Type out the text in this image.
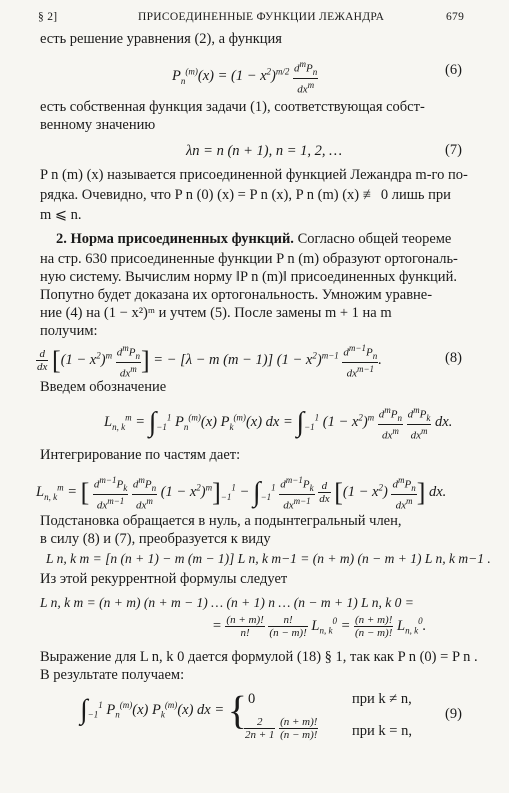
§ 2]	ПРИСОЕДИНЕННЫЕ ФУНКЦИИ ЛЕЖАНДРА	679
есть решение уравнения (2), а функция
$P_n^{(m)}(x) = (1 - x^2)^{m/2} \frac{d^mP_n}{dx^m}$	(6)
есть собственная функция задачи (1), соответствующая собст-
венному значению
λn = n (n + 1), n = 1, 2, …	(7)
P n (m) (x) называется присоединенной функцией Лежандра m-го по-
рядка. Очевидно, что P n (0) (x) = P n (x), P n (m) (x) ≢ 0 лишь при
m ⩽ n.
2. Норма присоединенных функций. Согласно общей теореме
на стр. 630 присоединенные функции P n (m) образуют ортогональ-
ную систему. Вычислим норму ‖P n (m)‖ присоединенных функций.
Попутно будет доказана их ортогональность. Умножим уравне-
ние (4) на (1 − x²)ᵐ и учтем (5). После замены m + 1 на m
получим:
$\frac{d}{dx} [(1 - x^2)^m \frac{d^mP_n}{dx^m}$ ] = − [λ − m (m − 1)] $(1 - x^2)^{m-1} \frac{d^{m-1}P_n}{dx^{m-1}}$ .	(8)
Введем обозначение
$L_{n, k}^m = \int_{-1}^1$ $P_n^{(m)}(x)$ $P_k^{(m)}(x)$ dx = $\int_{-1}^1$ $(1 - x^2)^m \frac{d^mP_n}{dx^m}$
$\frac{d^mP_k}{dx^m}$ dx.
Интегрирование по частям дает:
$L_{n, k}^m$ = [ $\frac{d^{m-1}P_k}{dx^{m-1}}$
$\frac{d^mP_n}{dx^m} (1 - x^2)^m]_{-1}^1 - \int_{-1}^1 \frac{d^{m-1}P_k}{dx^{m-1}}$
$\frac{d}{dx} [(1 - x^2) \frac{d^mP_n}{dx^m}$ ] dx.
Подстановка обращается в нуль, а подынтегральный член,
в силу (8) и (7), преобразуется к виду
L n, k m = [n (n + 1) − m (m − 1)] L n, k m−1 = (n + m) (n − m + 1) L n, k m−1 .
Из этой рекуррентной формулы следует
L n, k m = (n + m) (n + m − 1) … (n + 1) n … (n − m + 1) L n, k 0 =
= $\frac{(n + m)!}{n!}$
$\frac{n!}{(n - m)!} L_{n, k}^0 = \frac{(n + m)!}{(n - m)!} L_{n, k}^0$.
Выражение для L n, k 0 дается формулой (18) § 1, так как P n (0) = P n .
В результате получаем:
$\int_{-1}^1$ $P_n^{(m)}(x)$ $P_k^{(m)}(x)$ dx = { 0
$\frac{2}{2n + 1}$
$\frac{(n + m)!}{(n - m)!}$
при k ≠ n,
при k = n,
(9)
